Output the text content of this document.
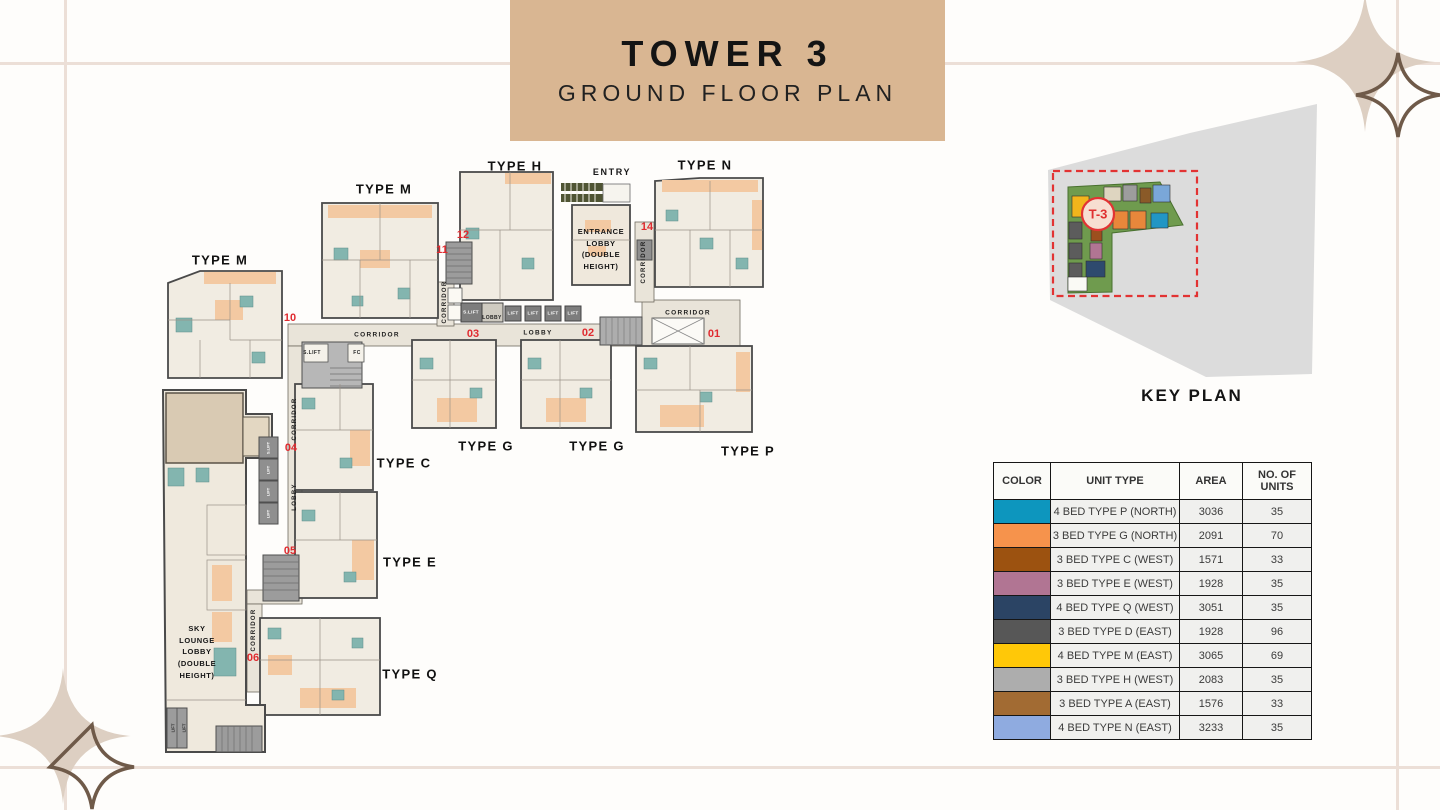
TOWER 3
GROUND FLOOR PLAN
TYPE M
TYPE M
TYPE H	TYPE N
TYPE G	TYPE G	TYPE P
TYPE C
TYPE E
TYPE Q
01
02
03
04
05
06
10
11
12
14
ENTRY
CORRIDOR
CORRIDOR
LOBBY
LOBBY
FC
S.LIFT
S.LIFT	LIFT LIFT LIFT LIFT
CORRIDOR
CORRIDOR
CORRIDOR
LOBBY
CORRIDOR
S.LIFT
LIFT
LIFT
LIFT
LIFT LIFT
ENTRANCE
LOBBY
(DOUBLE
HEIGHT)
SKY
LOUNGE
LOBBY
(DOUBLE
HEIGHT)
KEY PLAN
T-3
COLOR	UNIT TYPE	AREA	NO. OF UNITS
	4 BED TYPE P (NORTH)	3036	35
	3 BED TYPE G (NORTH)	2091	70
	3 BED TYPE C (WEST)	1571	33
	3 BED TYPE E (WEST)	1928	35
	4 BED TYPE Q (WEST)	3051	35
	3 BED TYPE D (EAST)	1928	96
	4 BED TYPE M (EAST)	3065	69
	3 BED TYPE H (WEST)	2083	35
	3 BED TYPE A (EAST)	1576	33
	4 BED TYPE N (EAST)	3233	35
